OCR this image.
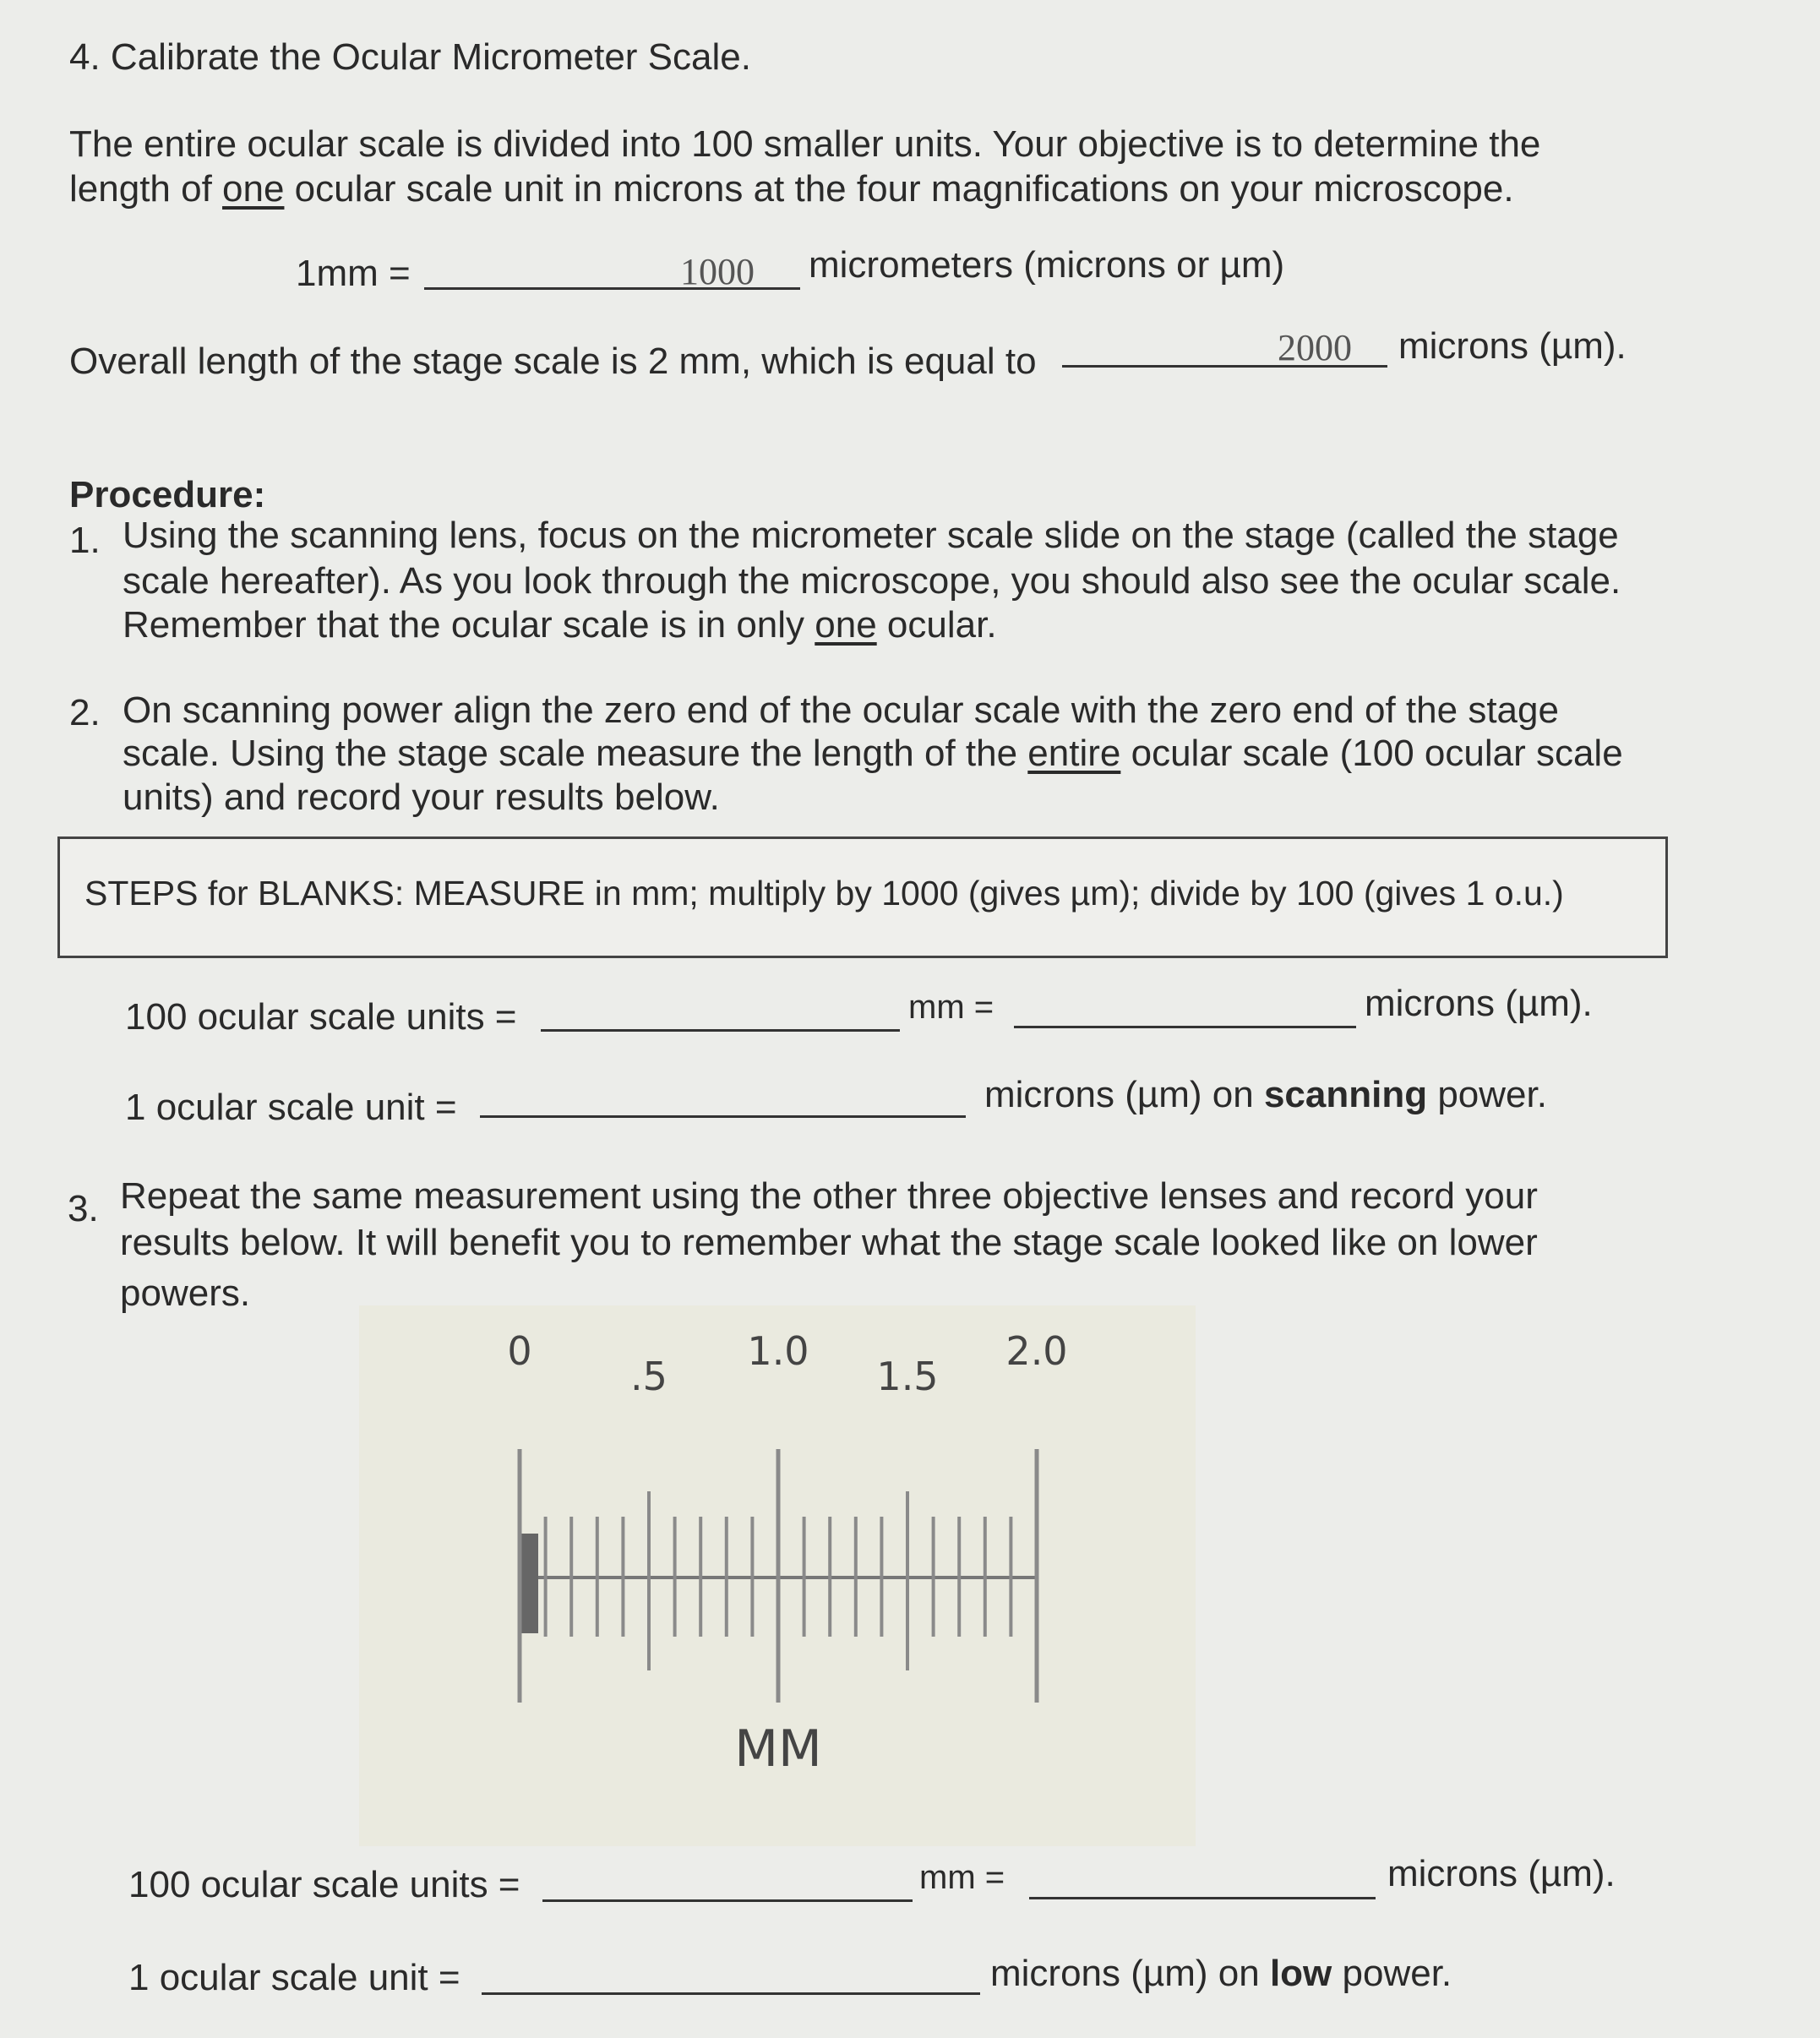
4. Calibrate the Ocular Micrometer Scale.
The entire ocular scale is divided into 100 smaller units. Your objective is to determine the
length of one ocular scale unit in microns at the four magnifications on your microscope.
1mm =	1000 micrometers (microns or µm)
Overall length of the stage scale is 2 mm, which is equal to	2000 microns (µm).
Procedure:
1. Using the scanning lens, focus on the micrometer scale slide on the stage (called the stage
scale hereafter). As you look through the microscope, you should also see the ocular scale.
Remember that the ocular scale is in only one ocular.
2. On scanning power align the zero end of the ocular scale with the zero end of the stage
scale. Using the stage scale measure the length of the entire ocular scale (100 ocular scale
units) and record your results below.
STEPS for BLANKS: MEASURE in mm; multiply by 1000 (gives µm); divide by 100 (gives 1 o.u.)
100 ocular scale units =	mm =	microns (µm).
1 ocular scale unit =	microns (µm) on scanning power.
3. Repeat the same measurement using the other three objective lenses and record your
results below. It will benefit you to remember what the stage scale looked like on lower
powers.
0
.5
1.0
1.5
2.0
MM
100 ocular scale units =	mm =	microns (µm).
1 ocular scale unit =	microns (µm) on low power.
